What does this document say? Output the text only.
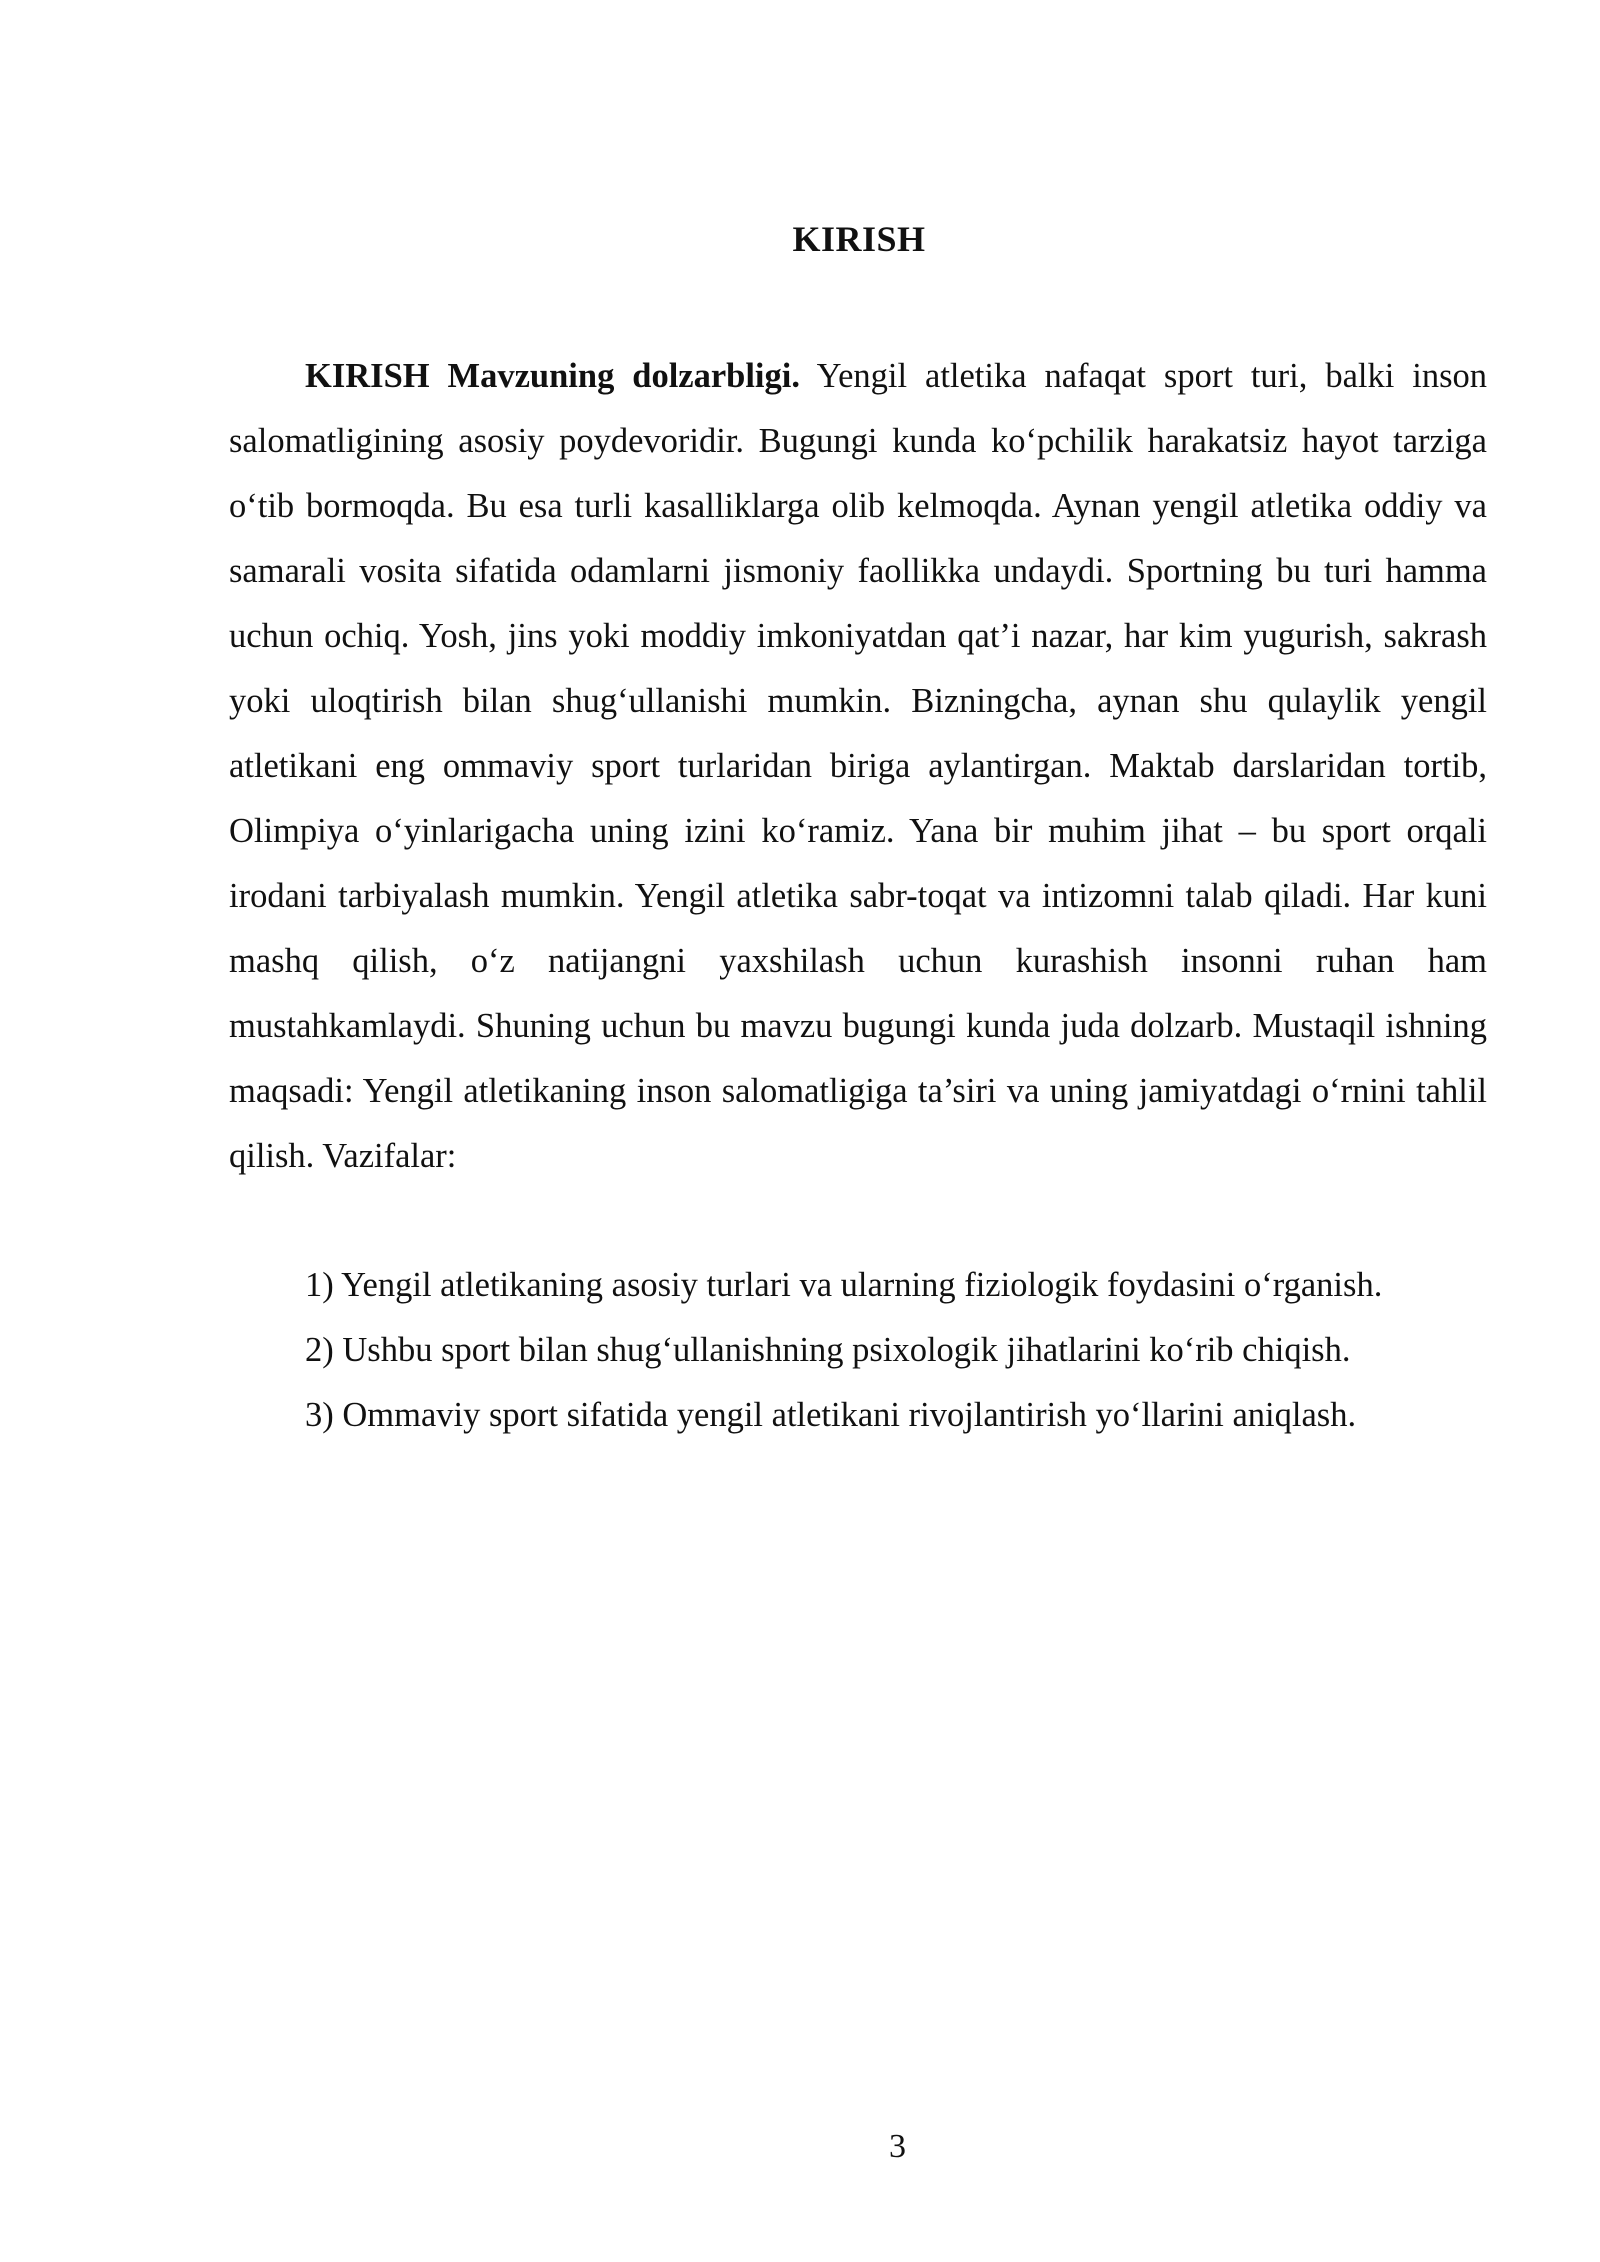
KIRISH

KIRISH Mavzuning dolzarbligi. Yengil atletika nafaqat sport turi, balki inson salomatligining asosiy poydevoridir. Bugungi kunda ko‘pchilik harakatsiz hayot tarziga o‘tib bormoqda. Bu esa turli kasalliklarga olib kelmoqda. Aynan yengil atletika oddiy va samarali vosita sifatida odamlarni jismoniy faollikka undaydi. Sportning bu turi hamma uchun ochiq. Yosh, jins yoki moddiy imkoniyatdan qat’i nazar, har kim yugurish, sakrash yoki uloqtirish bilan shug‘ullanishi mumkin. Bizningcha, aynan shu qulaylik yengil atletikani eng ommaviy sport turlaridan biriga aylantirgan. Maktab darslaridan tortib, Olimpiya o‘yinlarigacha uning izini ko‘ramiz. Yana bir muhim jihat – bu sport orqali irodani tarbiyalash mumkin. Yengil atletika sabr-toqat va intizomni talab qiladi. Har kuni mashq qilish, o‘z natijangni yaxshilash uchun kurashish insonni ruhan ham mustahkamlaydi. Shuning uchun bu mavzu bugungi kunda juda dolzarb. Mustaqil ishning maqsadi: Yengil atletikaning inson salomatligiga ta’siri va uning jamiyatdagi o‘rnini tahlil qilish. Vazifalar:

1) Yengil atletikaning asosiy turlari va ularning fiziologik foydasini o‘rganish.
2) Ushbu sport bilan shug‘ullanishning psixologik jihatlarini ko‘rib chiqish.
3) Ommaviy sport sifatida yengil atletikani rivojlantirish yo‘llarini aniqlash.
3
